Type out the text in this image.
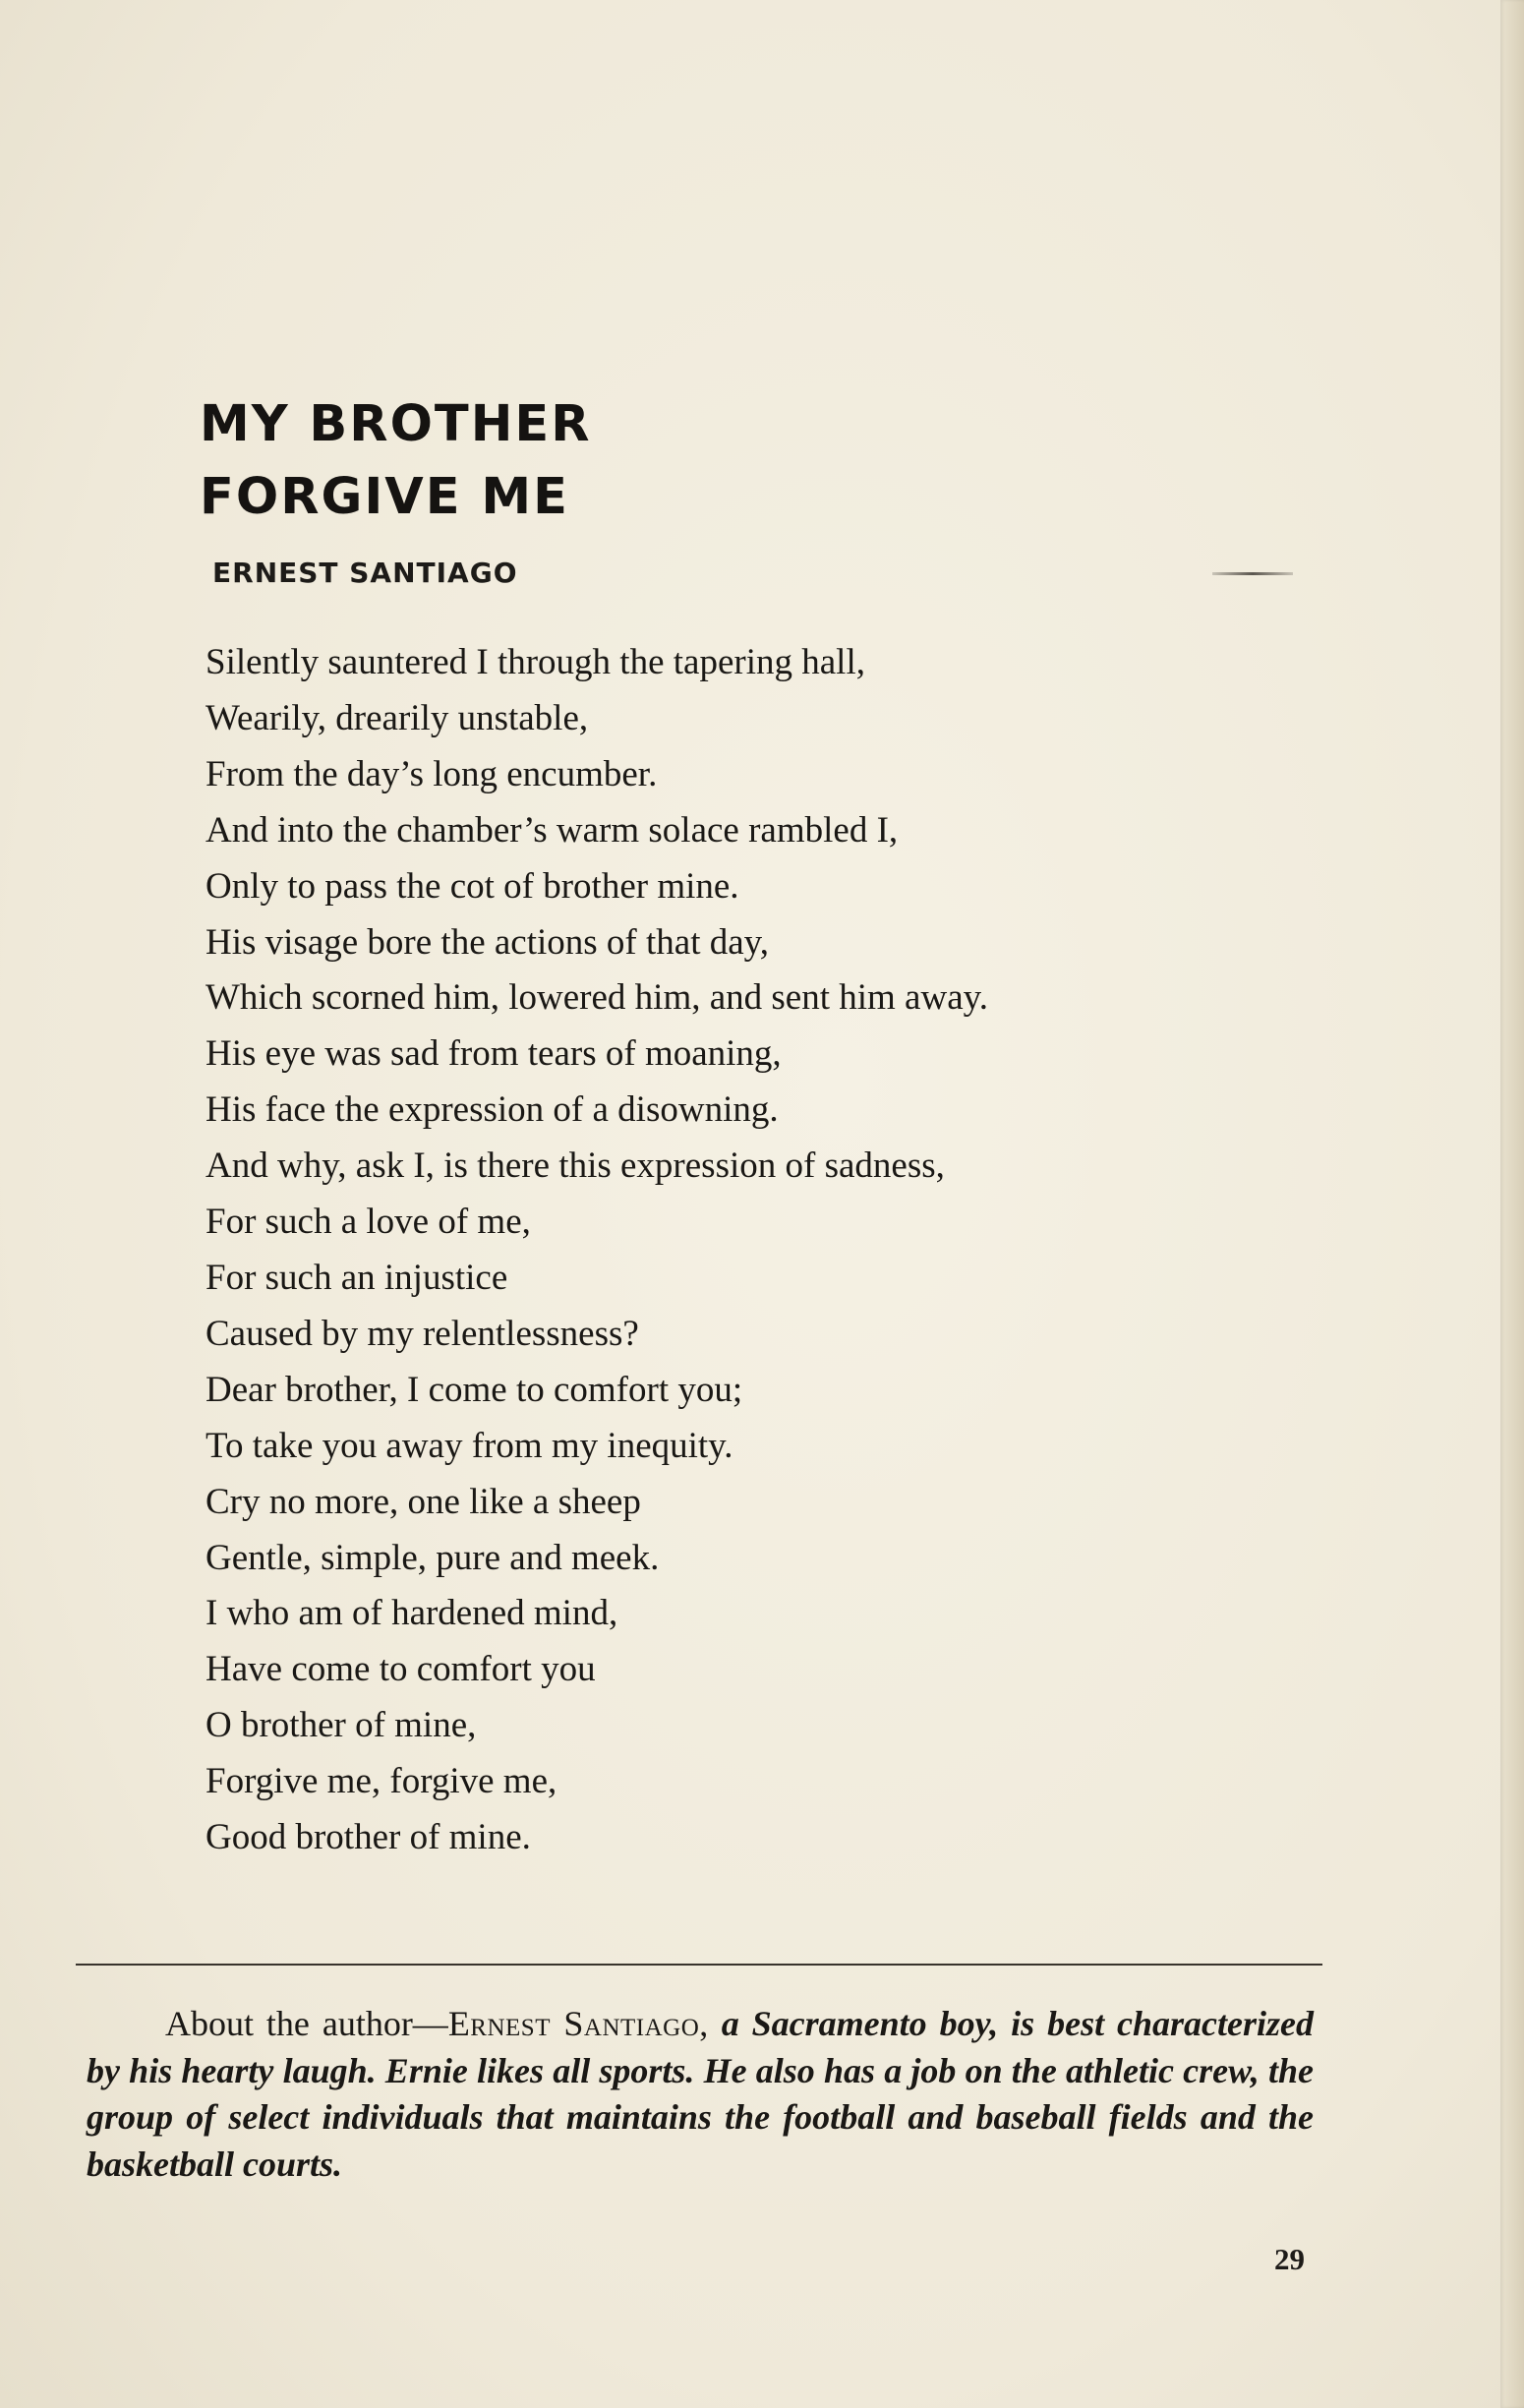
MY BROTHER
FORGIVE ME
ERNEST SANTIAGO
Silently sauntered I through the tapering hall,
Wearily, drearily unstable,
From the day’s long encumber.
And into the chamber’s warm solace rambled I,
Only to pass the cot of brother mine.
His visage bore the actions of that day,
Which scorned him, lowered him, and sent him away.
His eye was sad from tears of moaning,
His face the expression of a disowning.
And why, ask I, is there this expression of sadness,
For such a love of me,
For such an injustice
Caused by my relentlessness?
Dear brother, I come to comfort you;
To take you away from my inequity.
Cry no more, one like a sheep
Gentle, simple, pure and meek.
I who am of hardened mind,
Have come to comfort you
O brother of mine,
Forgive me, forgive me,
Good brother of mine.

About the author—Ernest Santiago, a Sacramento boy, is best characterized by his hearty laugh. Ernie likes all sports. He also has a job on the athletic crew, the group of select individuals that maintains the football and baseball fields and the basketball courts.

29
